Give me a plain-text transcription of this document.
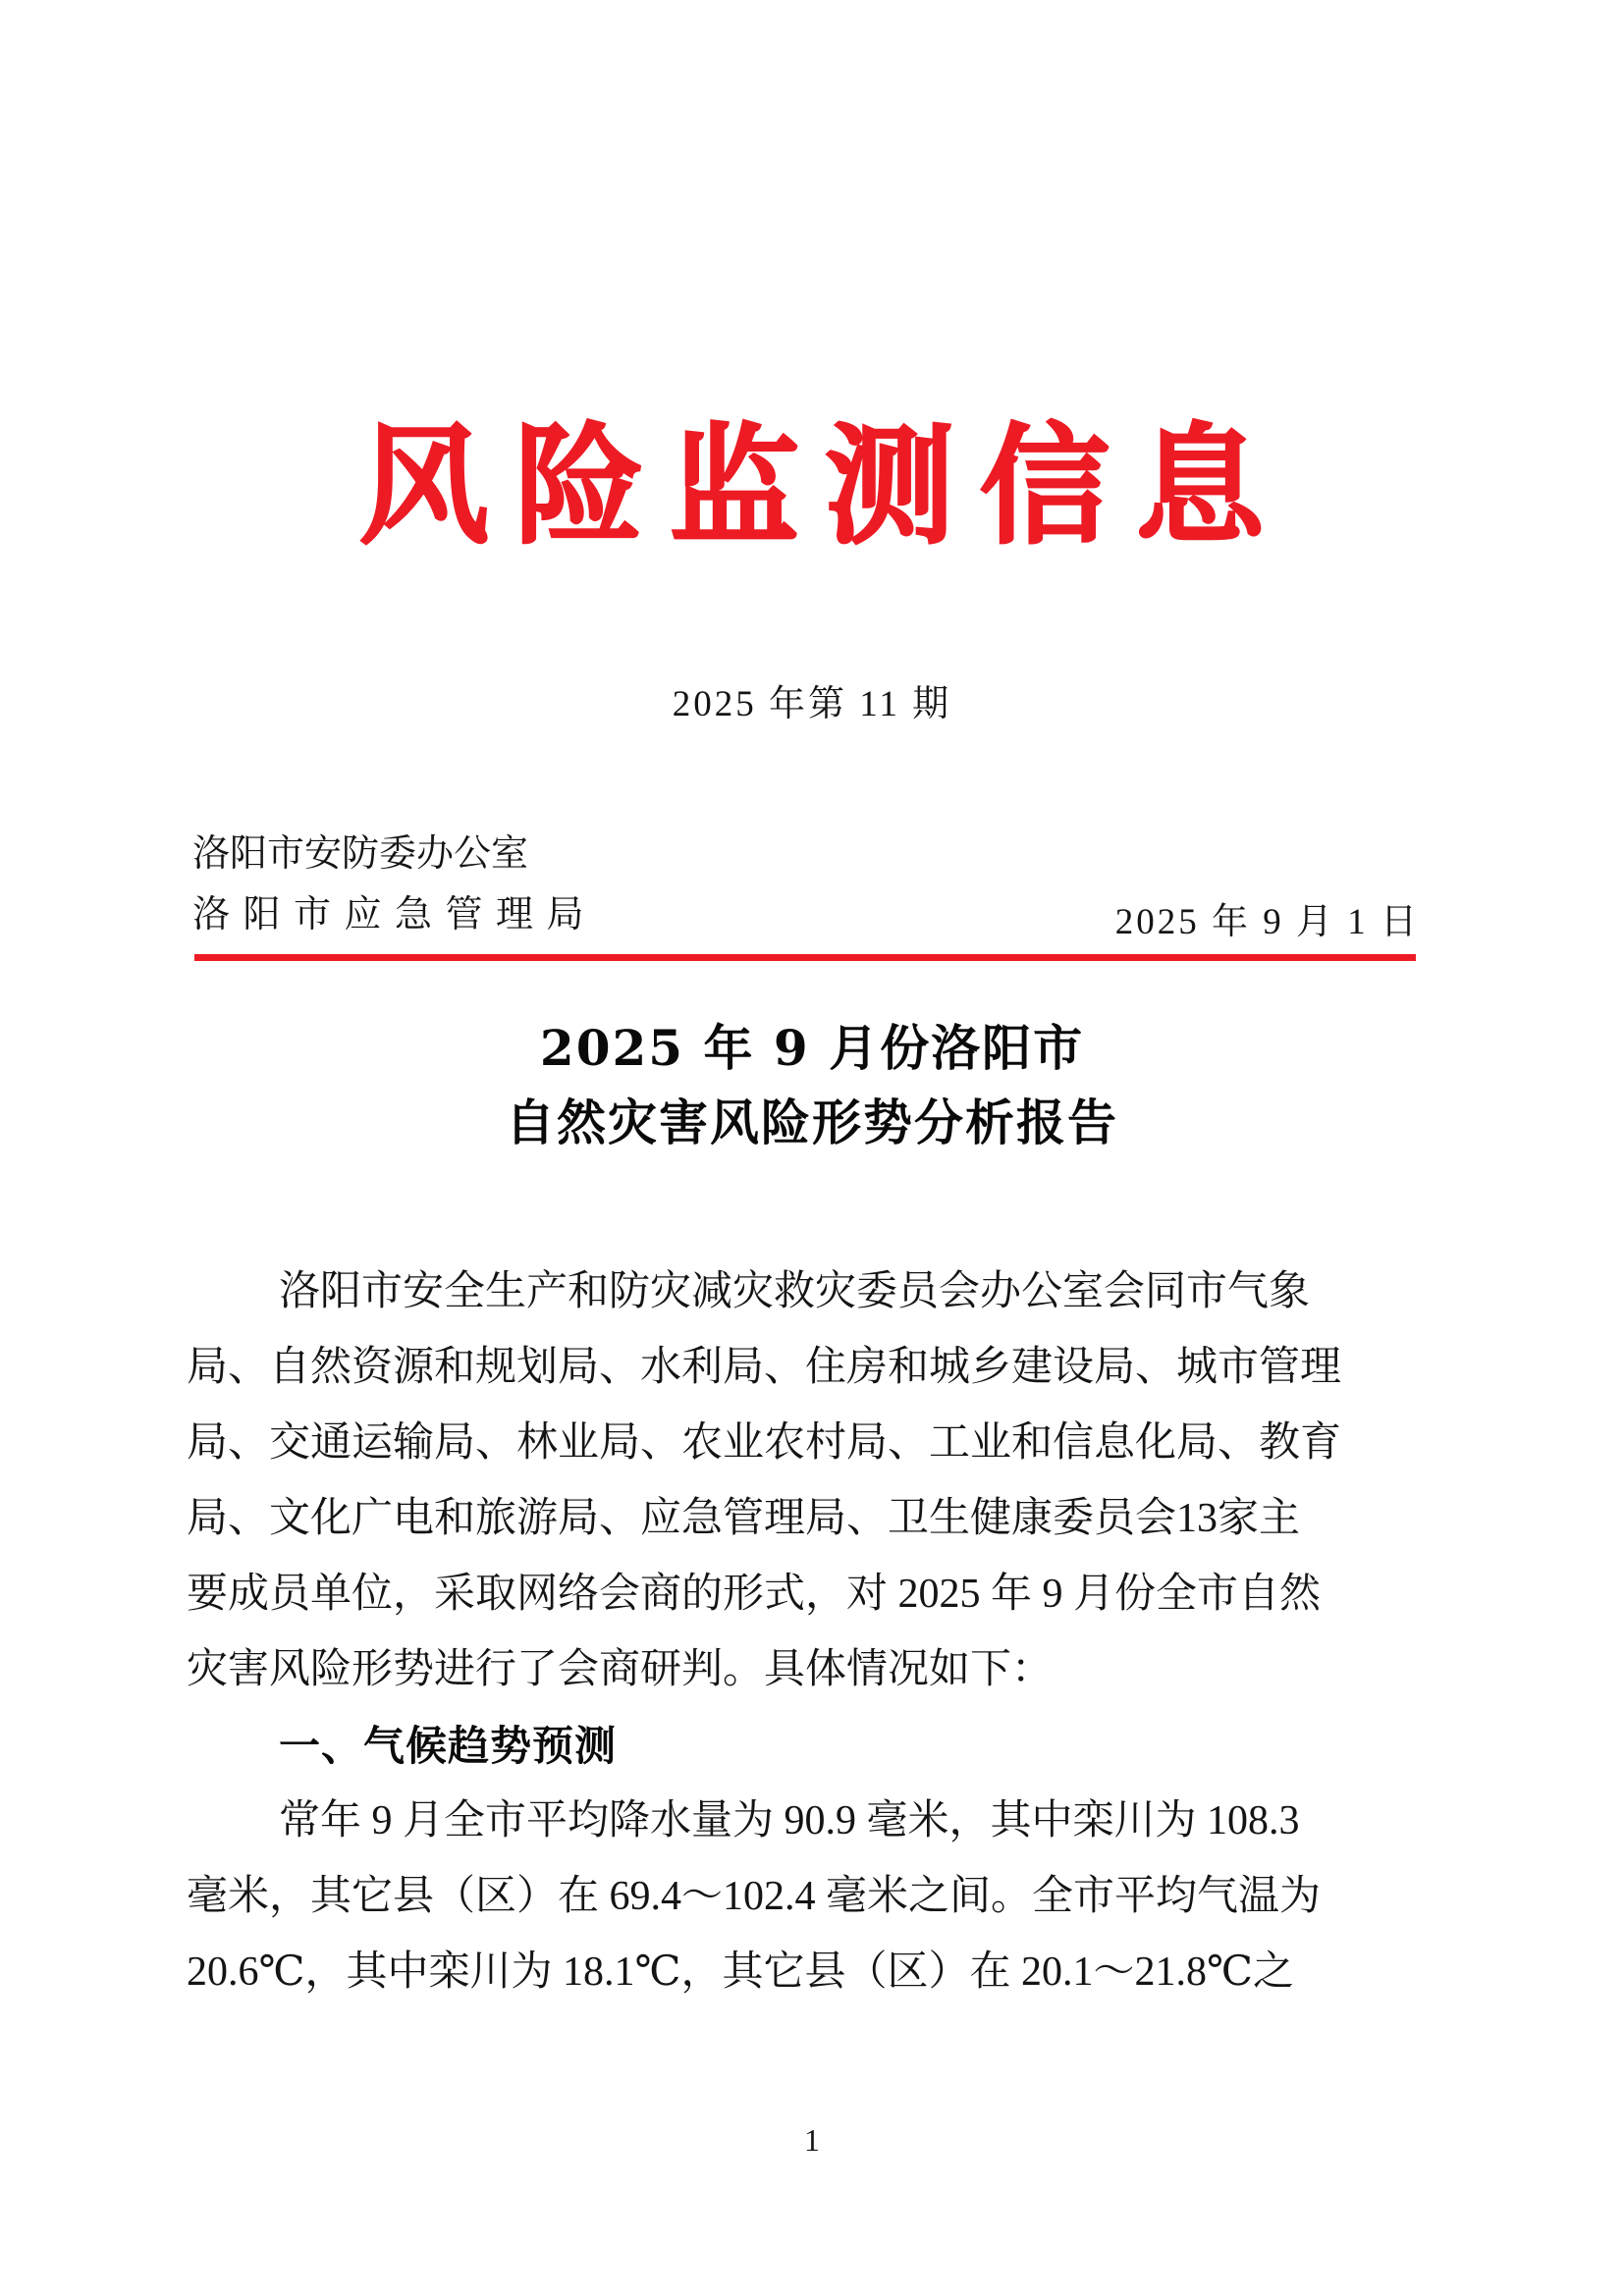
风险监测信息
2025 年第 11 期
洛阳市安防委办公室
洛阳市应急管理局	2025 年 9 月 1 日
2025 年 9 月份洛阳市
自然灾害风险形势分析报告
洛阳市安全生产和防灾减灾救灾委员会办公室会同市气象
局、自然资源和规划局、水利局、住房和城乡建设局、城市管理
局、交通运输局、林业局、农业农村局、工业和信息化局、教育
局、文化广电和旅游局、应急管理局、卫生健康委员会13家主
要成员单位，采取网络会商的形式，对 2025 年 9 月份全市自然
灾害风险形势进行了会商研判。具体情况如下：
一、气候趋势预测
常年 9 月全市平均降水量为 90.9 毫米，其中栾川为 108.3
毫米，其它县（区）在 69.4～102.4 毫米之间。全市平均气温为
20.6℃，其中栾川为 18.1℃，其它县（区）在 20.1～21.8℃之
1
